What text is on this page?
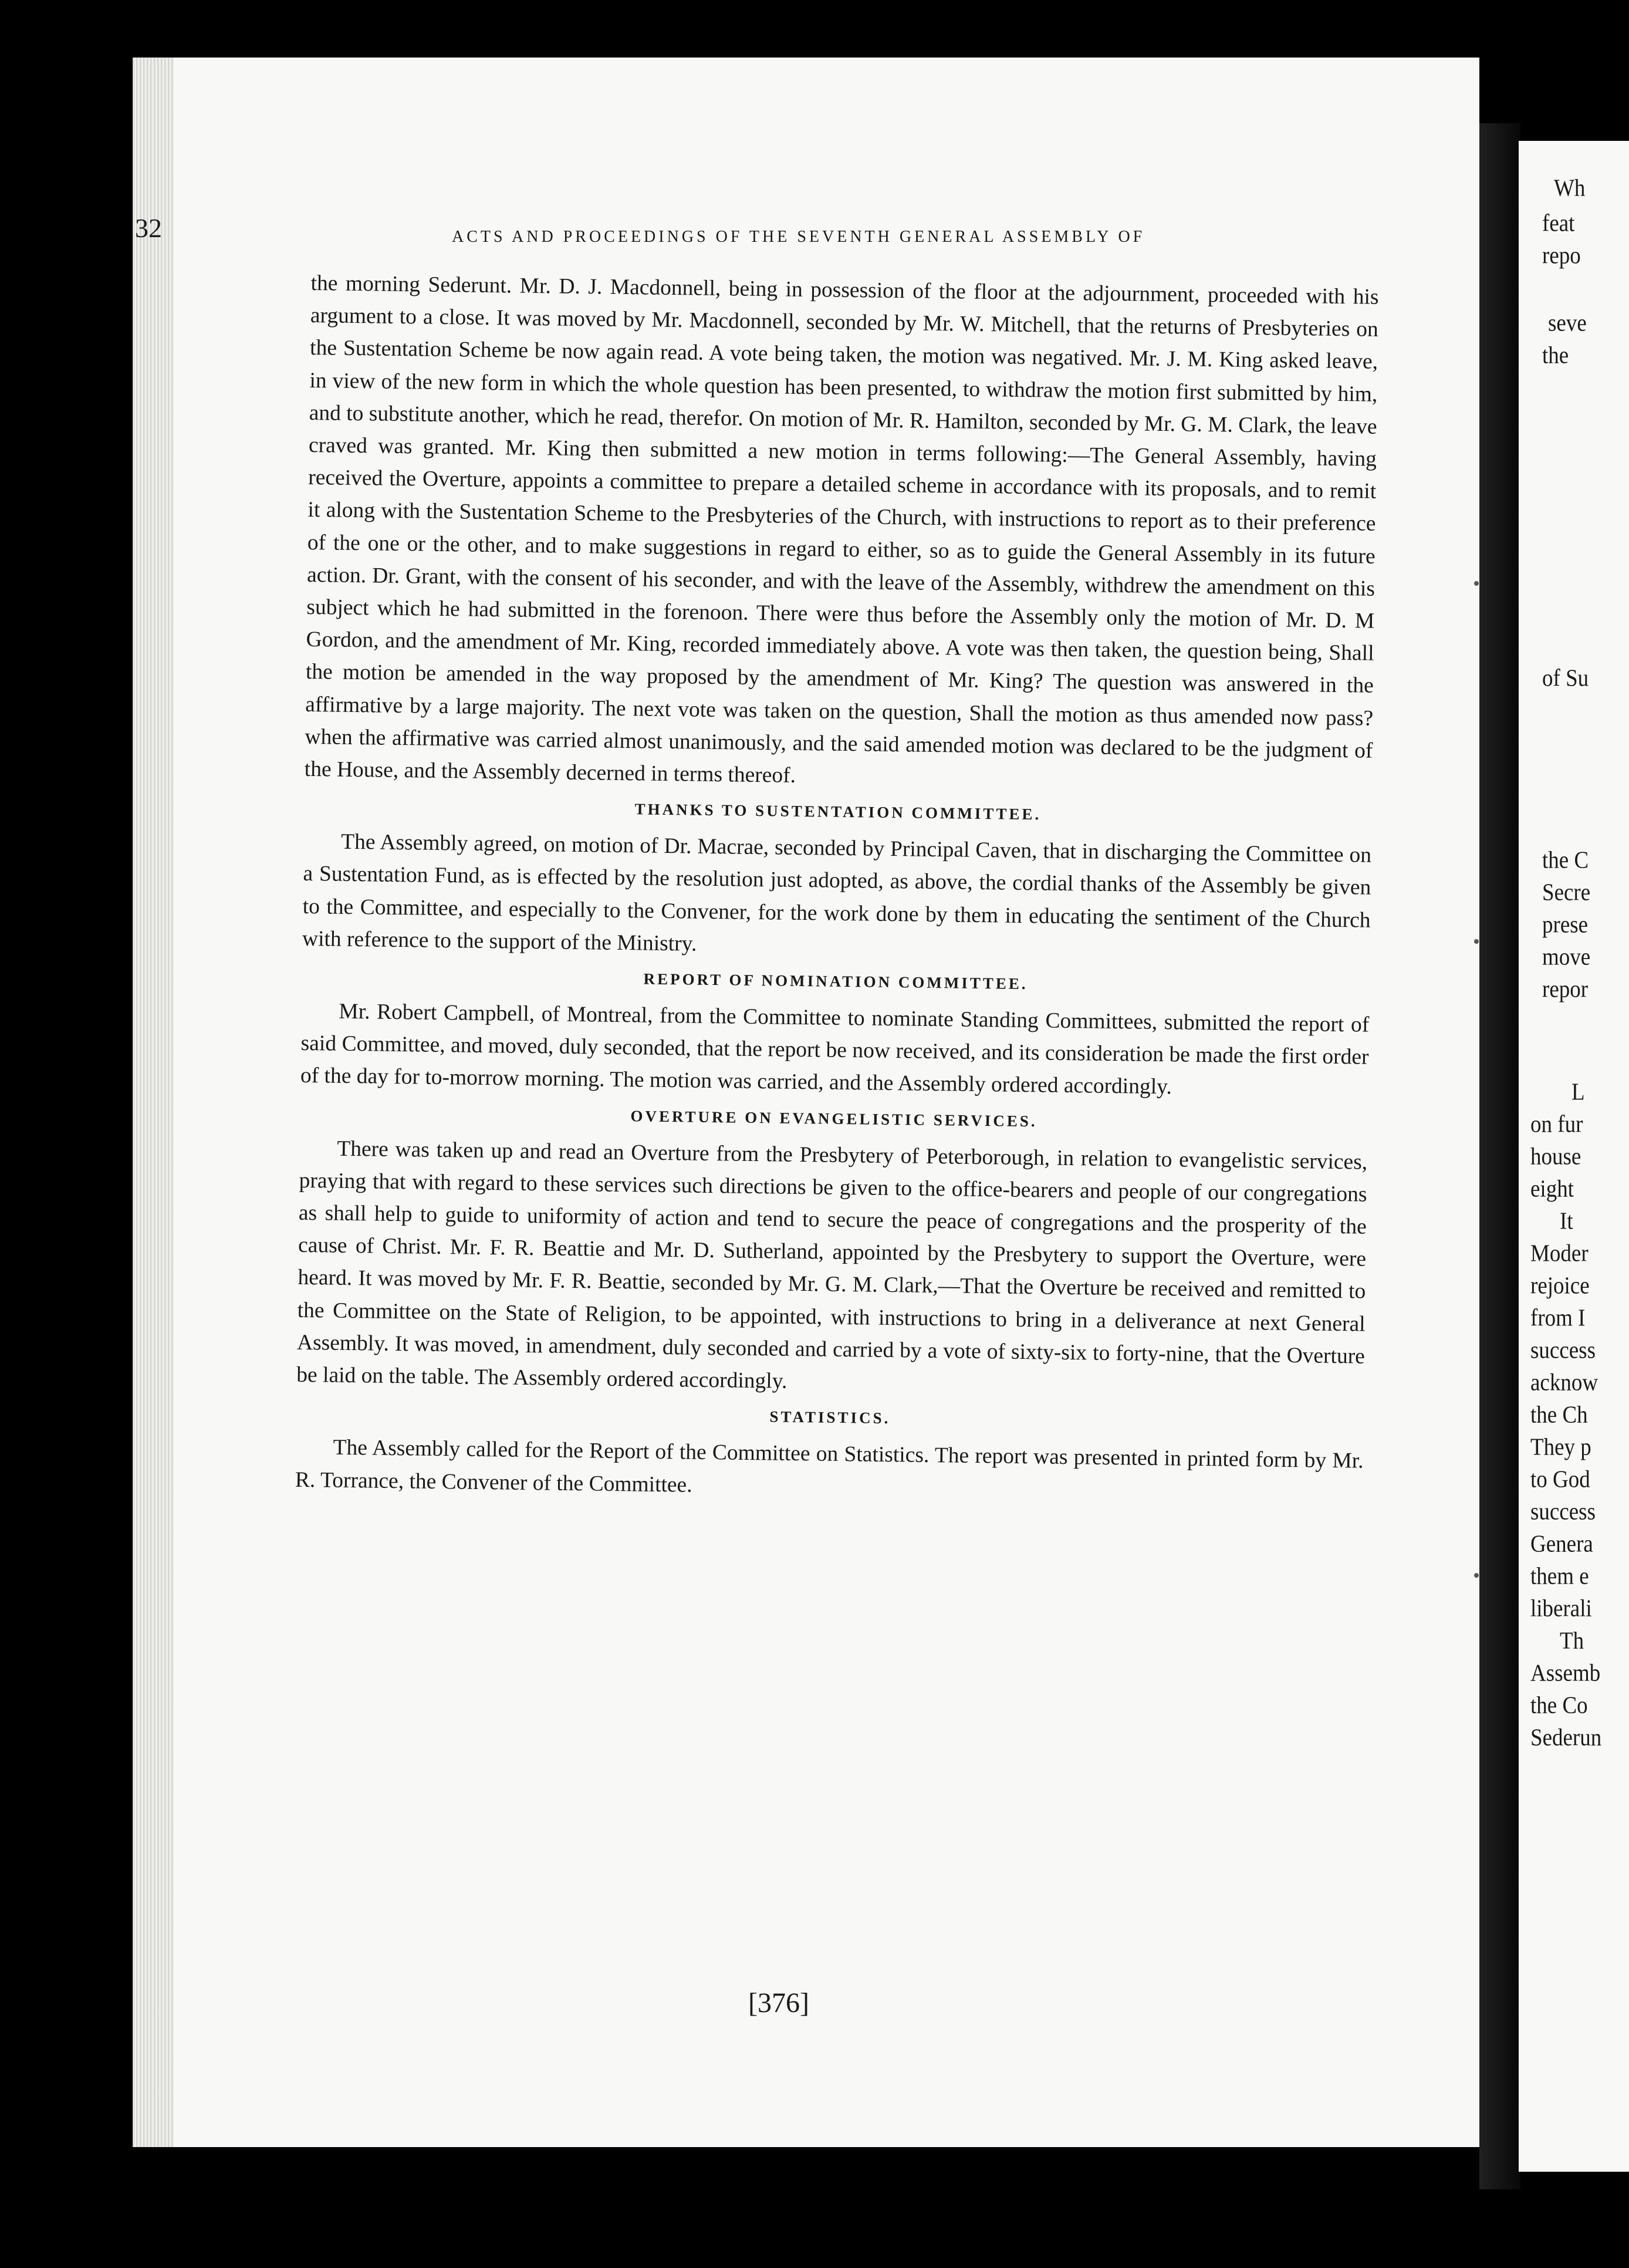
Wh
feat
repo
seve
the
of Su
the C
Secre
prese
move
repor
L
on fur
house
eight
It
Moder
rejoice
from I
success
acknow
the Ch
They p
to God
success
Genera
them e
liberali
Th
Assemb
the Co
Sederun
32	ACTS AND PROCEEDINGS OF THE SEVENTH GENERAL ASSEMBLY OF

the morning Sederunt. Mr. D. J. Macdonnell, being in possession of the floor at the adjournment, proceeded with his argument to a close. It was moved by Mr. Macdonnell, seconded by Mr. W. Mitchell, that the returns of Presbyteries on the Sustentation Scheme be now again read. A vote being taken, the motion was negatived. Mr. J. M. King asked leave, in view of the new form in which the whole question has been presented, to withdraw the motion first submitted by him, and to substitute another, which he read, therefor. On motion of Mr. R. Hamilton, seconded by Mr. G. M. Clark, the leave craved was granted. Mr. King then submitted a new motion in terms following:—The General Assembly, having received the Overture, appoints a committee to prepare a detailed scheme in accordance with its proposals, and to remit it along with the Sustentation Scheme to the Presbyteries of the Church, with instructions to report as to their preference of the one or the other, and to make suggestions in regard to either, so as to guide the General Assembly in its future action. Dr. Grant, with the consent of his seconder, and with the leave of the Assembly, withdrew the amendment on this subject which he had submitted in the forenoon. There were thus before the Assembly only the motion of Mr. D. M Gordon, and the amendment of Mr. King, recorded immediately above. A vote was then taken, the question being, Shall the motion be amended in the way proposed by the amendment of Mr. King? The question was answered in the affirmative by a large majority. The next vote was taken on the question, Shall the motion as thus amended now pass? when the affirmative was carried almost unanimously, and the said amended motion was declared to be the judgment of the House, and the Assembly decerned in terms thereof.

THANKS TO SUSTENTATION COMMITTEE.

The Assembly agreed, on motion of Dr. Macrae, seconded by Principal Caven, that in discharging the Committee on a Sustentation Fund, as is effected by the resolution just adopted, as above, the cordial thanks of the Assembly be given to the Committee, and especially to the Convener, for the work done by them in educating the sentiment of the Church with reference to the support of the Ministry.

REPORT OF NOMINATION COMMITTEE.

Mr. Robert Campbell, of Montreal, from the Committee to nominate Standing Committees, submitted the report of said Committee, and moved, duly seconded, that the report be now received, and its consideration be made the first order of the day for to-morrow morning. The motion was carried, and the Assembly ordered accordingly.

OVERTURE ON EVANGELISTIC SERVICES.

There was taken up and read an Overture from the Presbytery of Peterborough, in relation to evangelistic services, praying that with regard to these services such directions be given to the office-bearers and people of our congregations as shall help to guide to uniformity of action and tend to secure the peace of congregations and the prosperity of the cause of Christ. Mr. F. R. Beattie and Mr. D. Sutherland, appointed by the Presbytery to support the Overture, were heard. It was moved by Mr. F. R. Beattie, seconded by Mr. G. M. Clark,—That the Overture be received and remitted to the Committee on the State of Religion, to be appointed, with instructions to bring in a deliverance at next General Assembly. It was moved, in amendment, duly seconded and carried by a vote of sixty-six to forty-nine, that the Overture be laid on the table. The Assembly ordered accordingly.

STATISTICS.

The Assembly called for the Report of the Committee on Statistics. The report was presented in printed form by Mr. R. Torrance, the Convener of the Committee.

[376]
